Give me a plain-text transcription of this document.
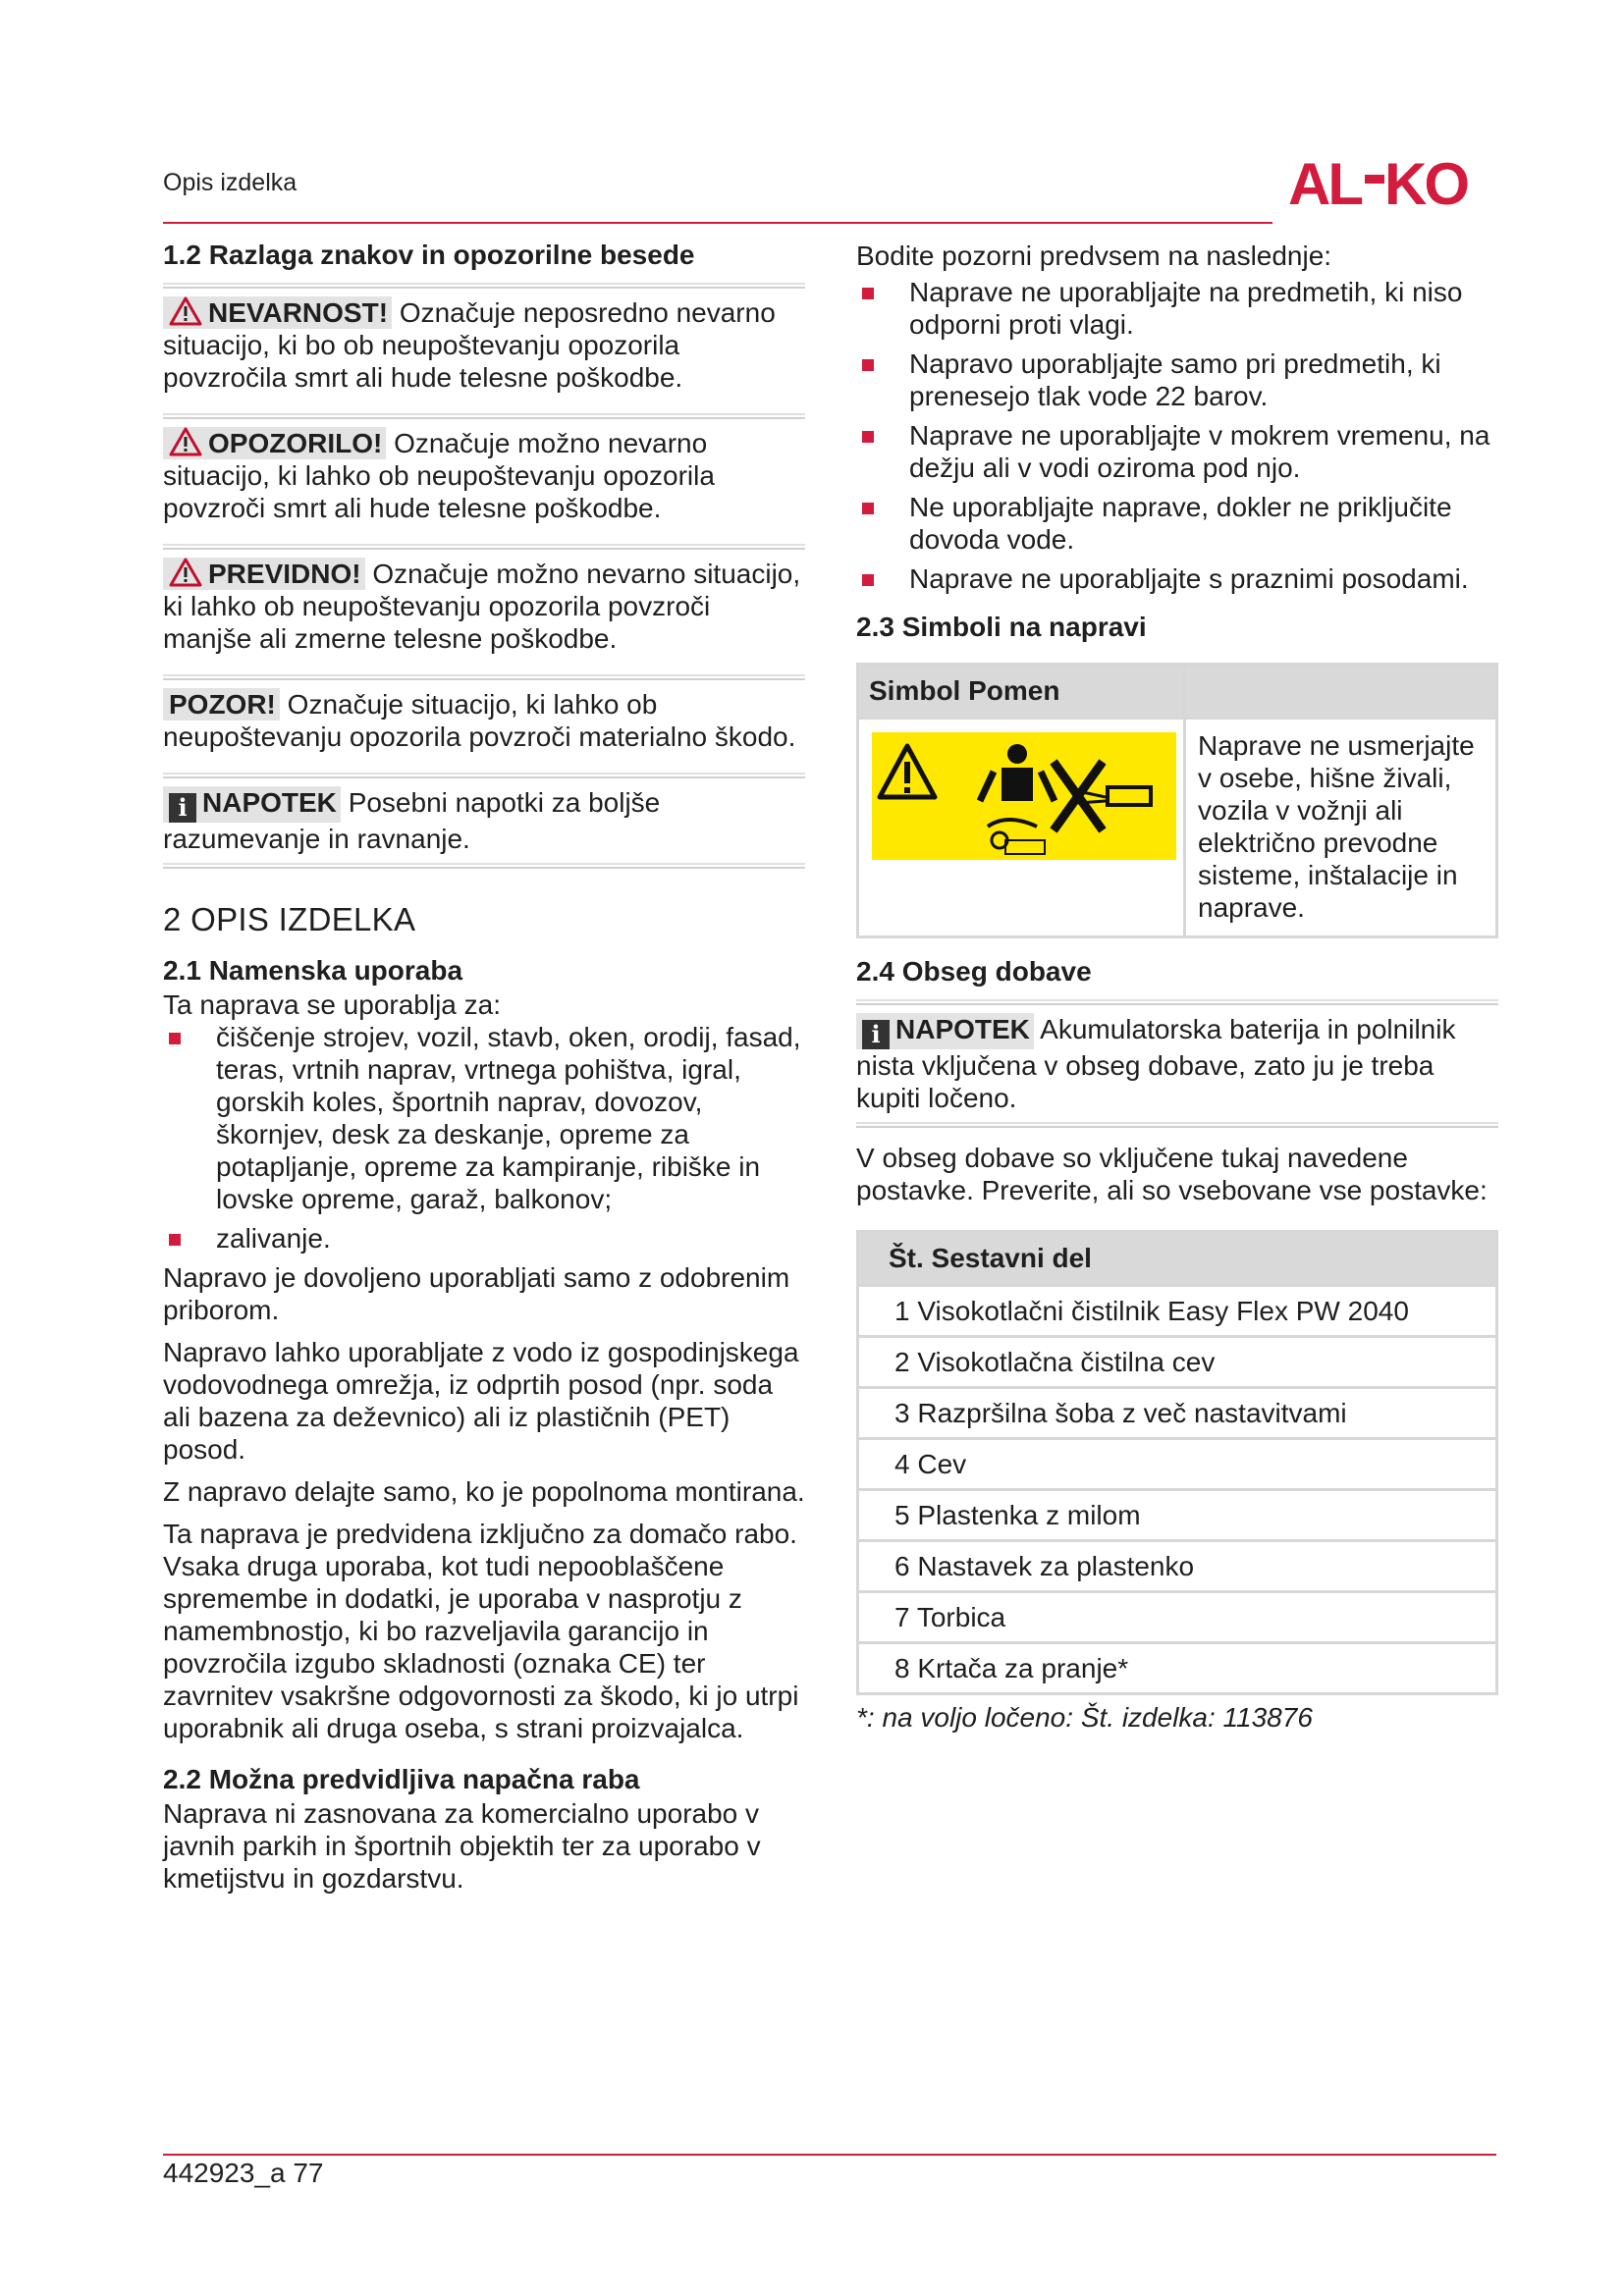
Opis izdelka	AL KO

1.2 Razlaga znakov in opozorilne besede

NEVARNOST! Označuje neposredno nevarno situacijo, ki bo ob neupoštevanju opozorila povzročila smrt ali hude telesne poškodbe.

OPOZORILO! Označuje možno nevarno situacijo, ki lahko ob neupoštevanju opozorila povzroči smrt ali hude telesne poškodbe.

PREVIDNO! Označuje možno nevarno situacijo, ki lahko ob neupoštevanju opozorila povzroči manjše ali zmerne telesne poškodbe.

POZOR! Označuje situacijo, ki lahko ob neupoštevanju opozorila povzroči materialno škodo.

i NAPOTEK Posebni napotki za boljše razumevanje in ravnanje.

2 OPIS IZDELKA

2.1 Namenska uporaba

Ta naprava se uporablja za:

čiščenje strojev, vozil, stavb, oken, orodij, fasad, teras, vrtnih naprav, vrtnega pohištva, igral, gorskih koles, športnih naprav, dovozov, škornjev, desk za deskanje, opreme za potapljanje, opreme za kampiranje, ribiške in lovske opreme, garaž, balkonov;
zalivanje.

Napravo je dovoljeno uporabljati samo z odobrenim priborom.

Napravo lahko uporabljate z vodo iz gospodinjskega vodovodnega omrežja, iz odprtih posod (npr. soda ali bazena za deževnico) ali iz plastičnih (PET) posod.

Z napravo delajte samo, ko je popolnoma montirana.

Ta naprava je predvidena izključno za domačo rabo. Vsaka druga uporaba, kot tudi nepooblaščene spremembe in dodatki, je uporaba v nasprotju z namembnostjo, ki bo razveljavila garancijo in povzročila izgubo skladnosti (oznaka CE) ter zavrnitev vsakršne odgovornosti za škodo, ki jo utrpi uporabnik ali druga oseba, s strani proizvajalca.

2.2 Možna predvidljiva napačna raba

Naprava ni zasnovana za komercialno uporabo v javnih parkih in športnih objektih ter za uporabo v kmetijstvu in gozdarstvu.

Bodite pozorni predvsem na naslednje:

Naprave ne uporabljajte na predmetih, ki niso odporni proti vlagi.
Napravo uporabljajte samo pri predmetih, ki prenesejo tlak vode 22 barov.
Naprave ne uporabljajte v mokrem vremenu, na dežju ali v vodi oziroma pod njo.
Ne uporabljajte naprave, dokler ne priključite dovoda vode.
Naprave ne uporabljajte s praznimi posodami.

2.3 Simboli na napravi

Simbol Pomen	
	Naprave ne usmerjajte v osebe, hišne živali, vozila v vožnji ali električno prevodne sisteme, inštalacije in naprave.

2.4 Obseg dobave

i NAPOTEK Akumulatorska baterija in polnilnik nista vključena v obseg dobave, zato ju je treba kupiti ločeno.

V obseg dobave so vključene tukaj navedene postavke. Preverite, ali so vsebovane vse postavke:

Št. Sestavni del
1 Visokotlačni čistilnik Easy Flex PW 2040
2 Visokotlačna čistilna cev
3 Razpršilna šoba z več nastavitvami
4 Cev
5 Plastenka z milom
6 Nastavek za plastenko
7 Torbica
8 Krtača za pranje*

*: na voljo ločeno: Št. izdelka: 113876

442923_a 77
